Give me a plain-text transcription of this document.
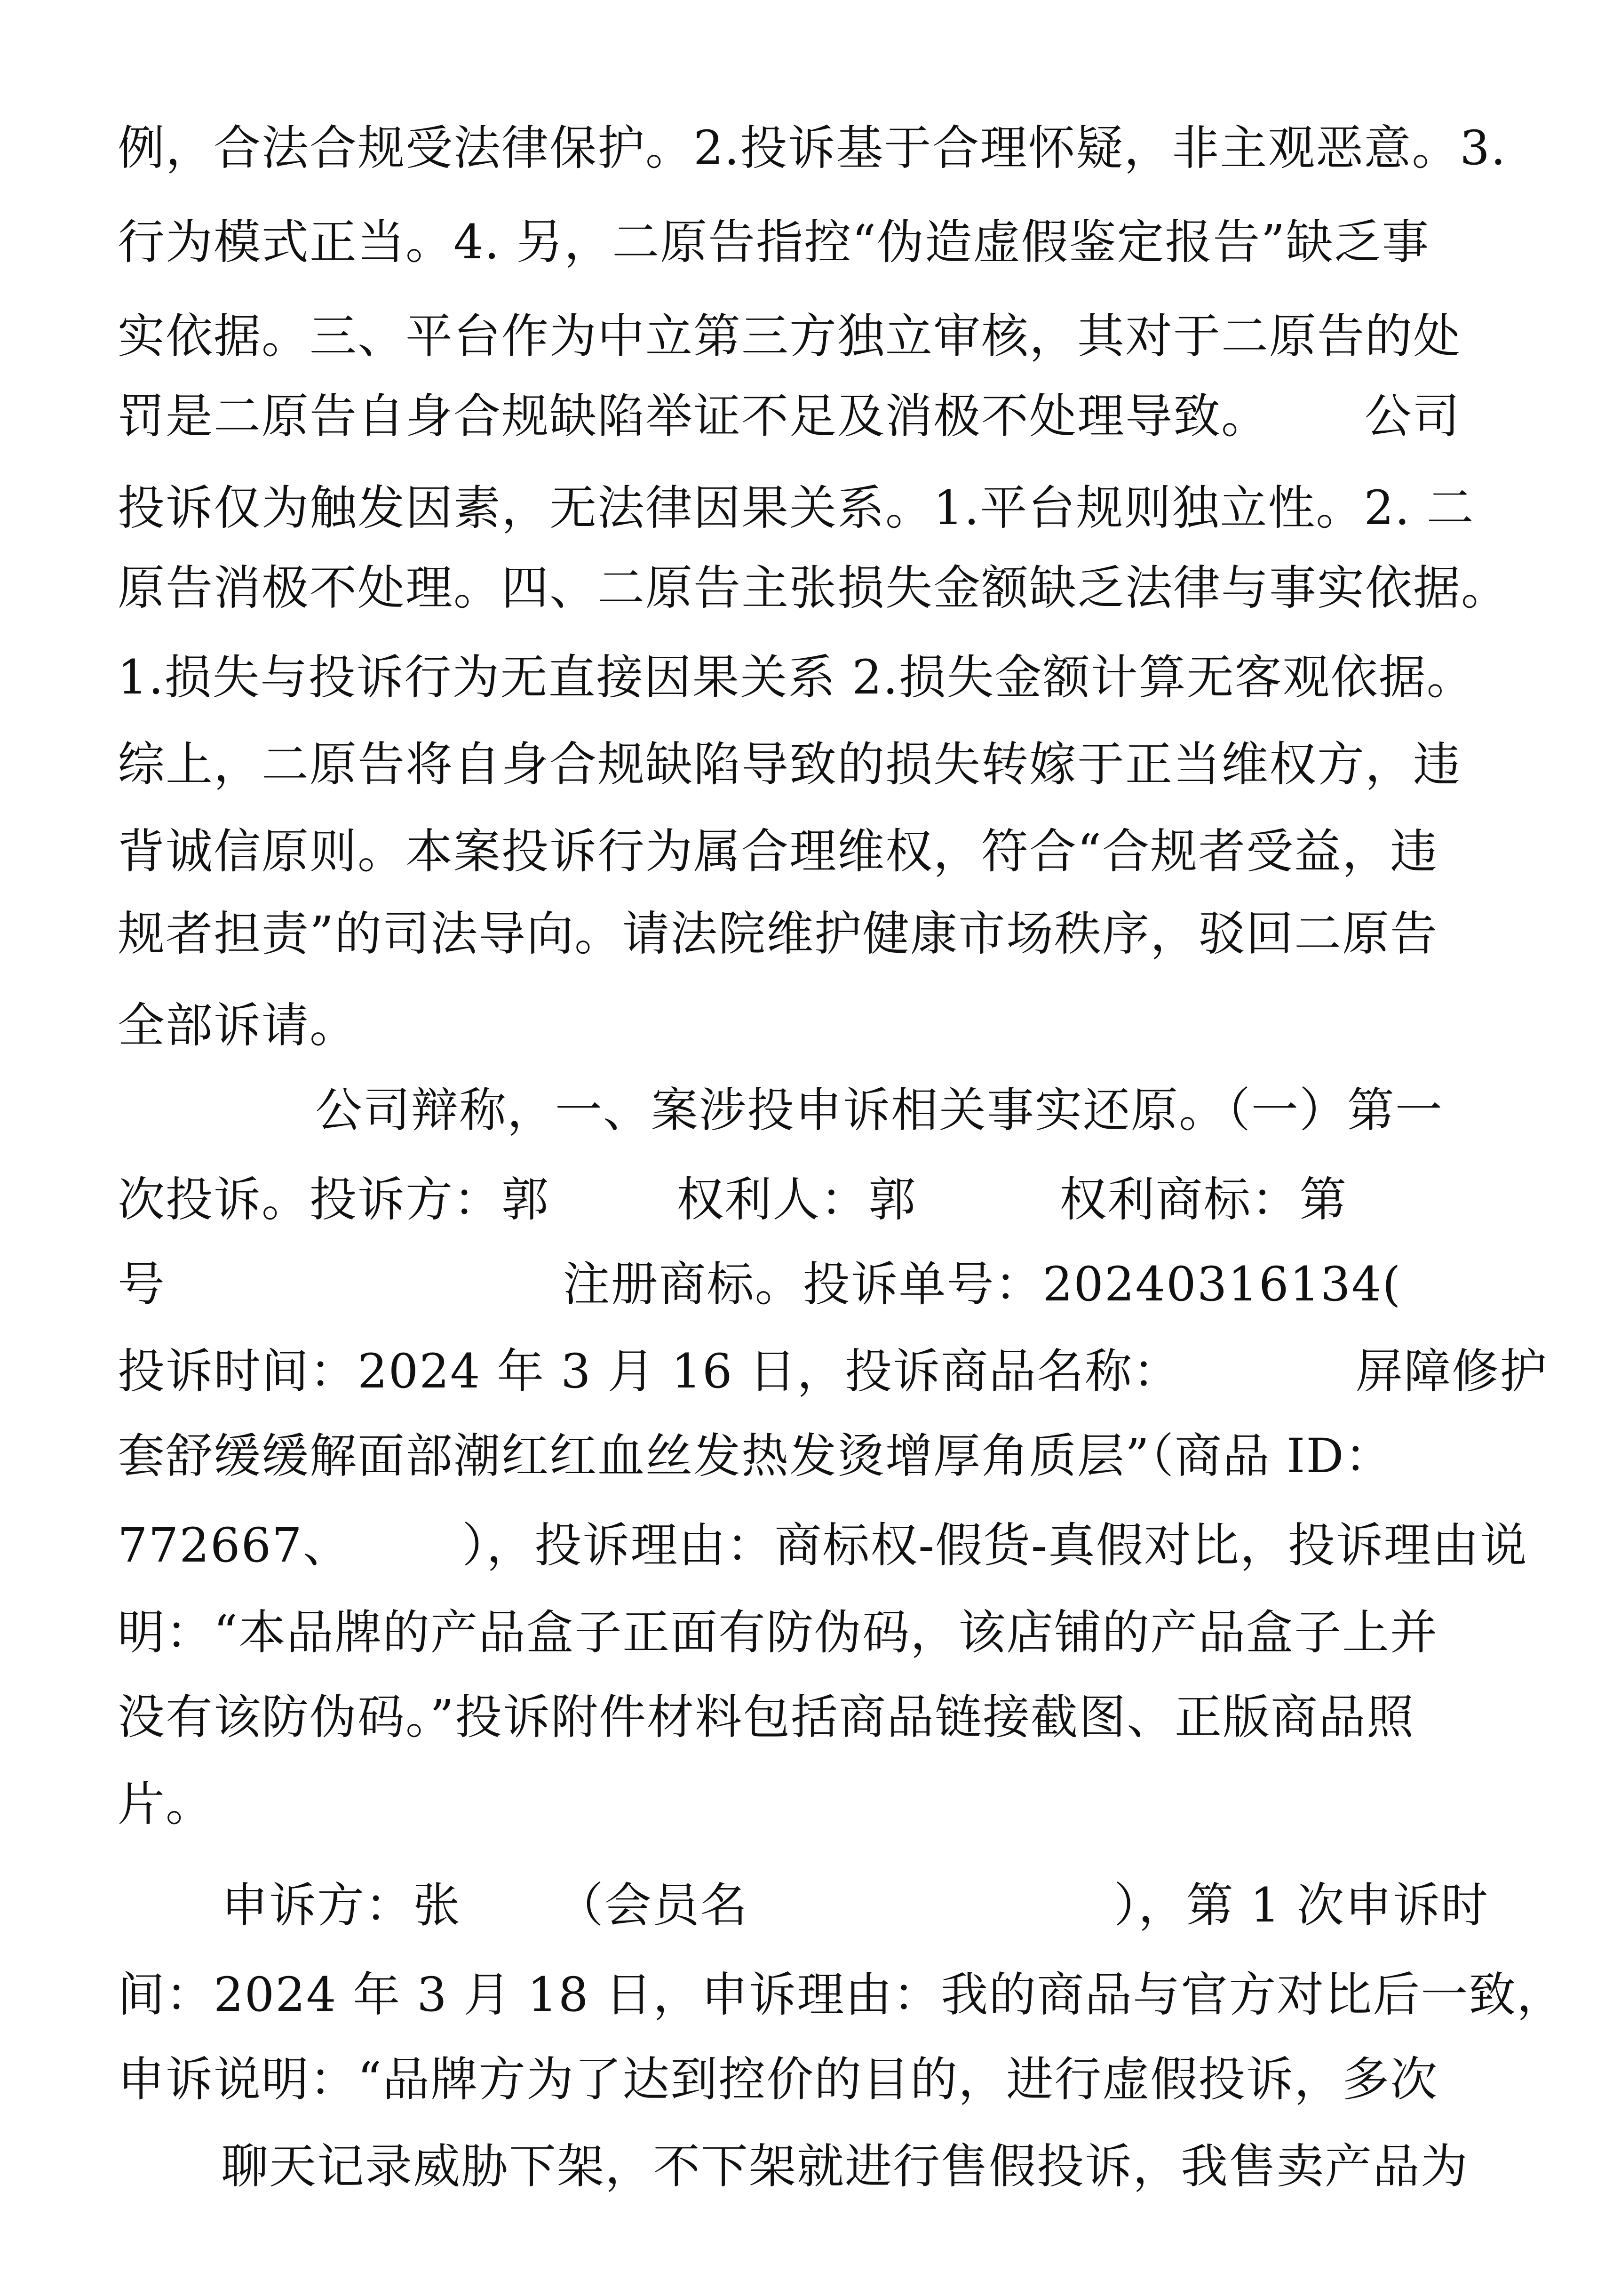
例，合法合规受法律保护。2.投诉基于合理怀疑，非主观恶意。3.
行为模式正当。4. 另，二原告指控“伪造虚假鉴定报告”缺乏事
实依据。三、平台作为中立第三方独立审核，其对于二原告的处
罚是二原告自身合规缺陷举证不足及消极不处理导致。      公司
投诉仅为触发因素，无法律因果关系。1.平台规则独立性。2. 二
原告消极不处理。四、二原告主张损失金额缺乏法律与事实依据。
1.损失与投诉行为无直接因果关系 2.损失金额计算无客观依据。
综上，二原告将自身合规缺陷导致的损失转嫁于正当维权方，违
背诚信原则。本案投诉行为属合理维权，符合“合规者受益，违
规者担责”的司法导向。请法院维护健康市场秩序，驳回二原告
全部诉请。
公司辩称，一、案涉投申诉相关事实还原。（一）第一
次投诉。投诉方：郭        权利人：郭         权利商标：第
号                         注册商标。投诉单号：20240316134(
投诉时间：2024 年 3 月 16 日，投诉商品名称：           屏障修护
套舒缓缓解面部潮红红血丝发热发烫增厚角质层”（商品 ID：
772667、       ），投诉理由：商标权-假货-真假对比，投诉理由说
明：“本品牌的产品盒子正面有防伪码，该店铺的产品盒子上并
没有该防伪码。”投诉附件材料包括商品链接截图、正版商品照
片。
申诉方：张      （会员名                       ），第 1 次申诉时
间：2024 年 3 月 18 日，申诉理由：我的商品与官方对比后一致，
申诉说明：“品牌方为了达到控价的目的，进行虚假投诉，多次
聊天记录威胁下架，不下架就进行售假投诉，我售卖产品为
